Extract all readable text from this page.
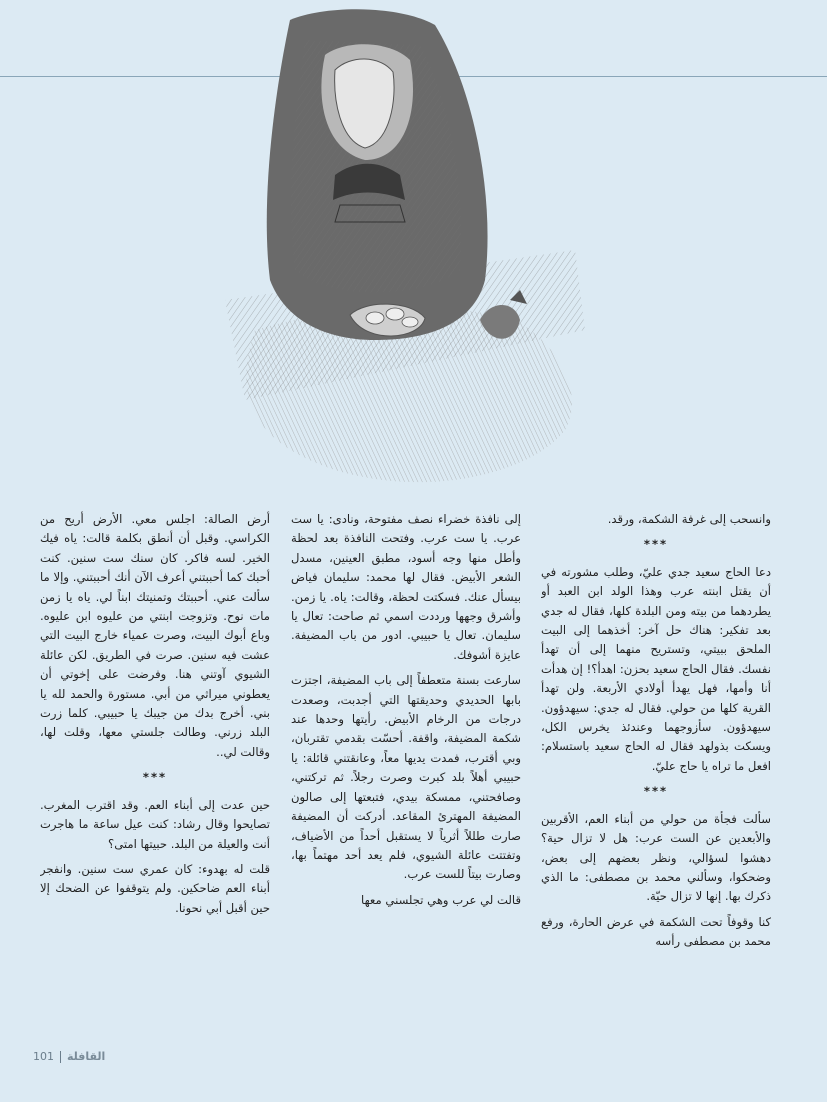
وانسحب إلى غرفة الشكمة، ورقد.

***

دعا الحاج سعيد جدي عليّ، وطلب مشورته في أن يقتل ابنته عرب وهذا الولد ابن العبد أو يطردهما من بيته ومن البلدة كلها، فقال له جدي بعد تفكير: هناك حل آخر: أخذهما إلى البيت الملحق ببيتي، وتستريح منهما إلى أن تهدأ نفسك. فقال الحاج سعيد بحزن: اهدأ؟! إن هدأت أنا وأمها، فهل يهدأ أولادي الأربعة. ولن تهدأ القرية كلها من حولي. فقال له جدي: سيهدؤون. سيهدؤون. سأزوجهما وعندئذ يخرس الكل، ويسكت بذولهد فقال له الحاج سعيد باستسلام: افعل ما تراه يا حاج عليّ.

***

سألت فجأة من حولي من أبناء العم، الأقربين والأبعدين عن الست عرب: هل لا تزال حية؟ دهشوا لسؤالي، ونظر بعضهم إلى بعض، وضحكوا، وسألني محمد بن مصطفى: ما الذي ذكرك بها. إنها لا تزال حيّة.

كنا وقوفاً تحت الشكمة في عرض الحارة، ورفع محمد بن مصطفى رأسه

إلى نافذة خضراء نصف مفتوحة، ونادى: يا ست عرب. يا ست عرب. وفتحت النافذة بعد لحظة وأطل منها وجه أسود، مطبق العينين، مسدل الشعر الأبيض. فقال لها محمد: سليمان فياض بيسأل عنك. فسكتت لحظة، وقالت: ياه. يا زمن. وأشرق وجهها ورددت اسمي ثم صاحت: تعال يا سليمان. تعال يا حبيبي. ادور من باب المضيفة. عايزة أشوفك.

سارعت بسنة متعطفاً إلى باب المضيفة، اجتزت بابها الحديدي وحديقتها التي أجدبت، وصعدت درجات من الرخام الأبيض. رأيتها وحدها عند شكمة المضيفة، واقفة. أحسّت بقدمي تقتربان، وبي أقترب، فمدت يديها معاً، وعانقتني قائلة: يا حبيبي أهلاً بلد كبرت وصرت رجلاً. ثم تركتني، وصافحتني، ممسكة بيدي، فتبعتها إلى صالون المضيفة المهترئ المقاعد. أدركت أن المضيفة صارت طللاً أثرياً لا يستقبل أحداً من الأضياف، وتفتتت عائلة الشيوي، فلم يعد أحد مهتماً بها، وصارت بيتاً للست عرب.

قالت لي عرب وهي تجلسني معها

أرض الصالة: اجلس معي. الأرض أريح من الكراسي. وقبل أن أنطق بكلمة قالت: ياه فيك الخير. لسه فاكر. كان سنك ست سنين. كنت أحبك كما أحببتني أعرف الآن أنك أحببتني. وإلا ما سألت عني. أحببتك وتمنيتك ابناً لي. ياه يا زمن مات نوح. وتزوجت ابنتي من عليوه ابن عليوه. وباع أبوك البيت، وصرت عمياء خارج البيت التي عشت فيه سنين. صرت في الطريق. لكن عائلة الشيوي آوتني هنا. وفرضت على إخوتي أن يعطوني ميراثي من أبي. مستورة والحمد لله يا بني. أخرج بدك من جيبك يا حبيبي. كلما زرت البلد زرني. وطالت جلستي معها، وقلت لها، وقالت لي..

***

حين عدت إلى أبناء العم. وقد اقترب المغرب. تصايحوا وقال رشاد: كنت عيل ساعة ما هاجرت أنت والعيلة من البلد. حبيتها امتى؟

قلت له بهدوء: كان عمري ست سنين. وانفجر أبناء العم ضاحكين. ولم يتوقفوا عن الضحك إلا حين أقبل أبي نحونا.

101 القافلة
